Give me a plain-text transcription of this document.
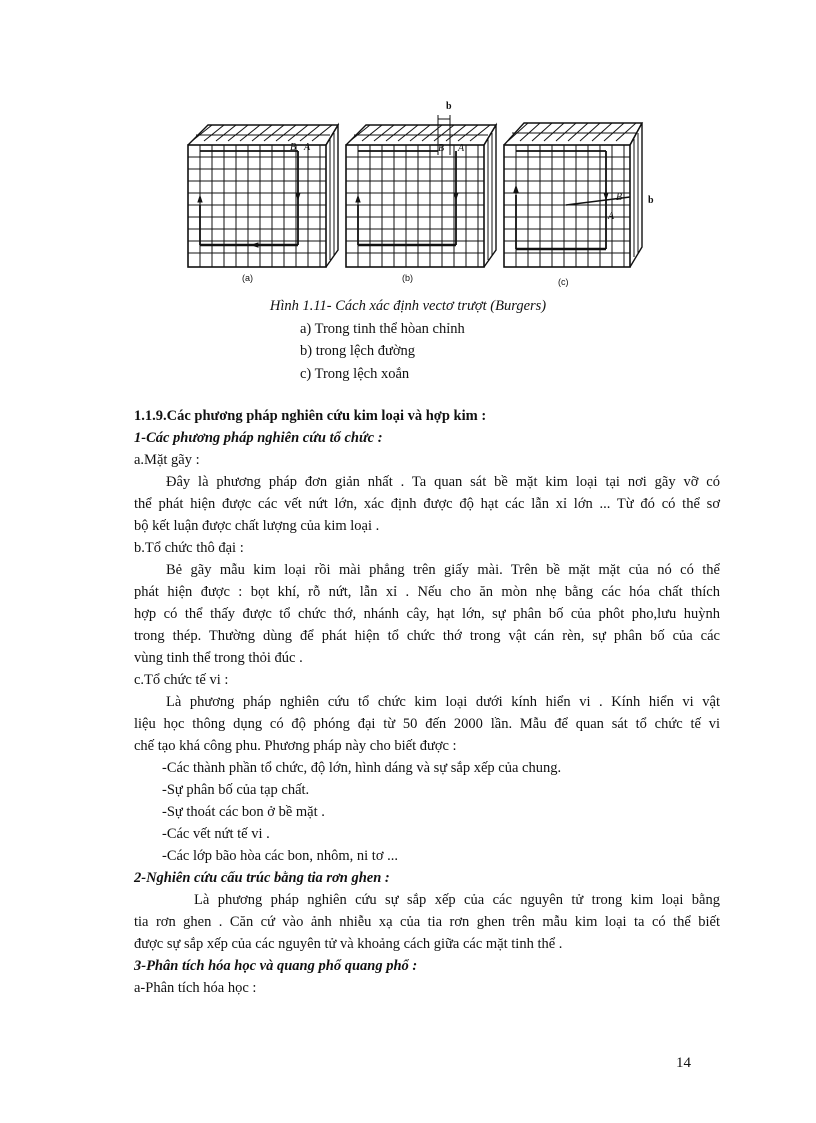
B A	B A
b
B
A
b
(a)	(b)	(c)
Hình 1.11- Cách xác định vectơ trượt (Burgers)
a) Trong tinh thể hòan chỉnh
b) trong lệch đường
c) Trong lệch xoắn
1.1.9.Các phương pháp nghiên cứu kim loại và hợp kim :
1-Các phương pháp nghiên cứu tổ chức :
a.Mặt gãy :
Đây là phương pháp đơn giản nhất . Ta quan sát bề mặt kim loại tại nơi gãy vỡ có
thể phát hiện được các vết nứt lớn, xác định được độ hạt các lẫn xỉ lớn ... Từ đó có thể sơ
bộ kết luận được chất lượng của kim loại .
b.Tổ chức thô đại :
Bẻ gãy mẫu kim loại rồi mài phẳng trên giấy mài. Trên bề mặt mặt của nó có thể
phát hiện được : bọt khí, rỗ nứt, lẫn xỉ . Nếu cho ăn mòn nhẹ bằng các hóa chất thích
hợp có thể thấy được tổ chức thớ, nhánh cây, hạt lớn, sự phân bố của phôt pho,lưu huỳnh
trong thép. Thường dùng để phát hiện tổ chức thớ trong vật cán rèn, sự phân bố của các
vùng tinh thể trong thỏi đúc .
c.Tổ chức tế vi :
Là phương pháp nghiên cứu tổ chức kim loại dưới kính hiển vi . Kính hiển vi vật
liệu học thông dụng có độ phóng đại từ 50 đến 2000 lần. Mẫu để quan sát tổ chức tế vi
chế tạo khá công phu. Phương pháp này cho biết được :
-Các thành phần tổ chức, độ lớn, hình dáng và sự sắp xếp của chung.
-Sự phân bố của tạp chất.
-Sự thoát các bon ở bề mặt .
-Các vết nứt tế vi .
-Các lớp bão hòa các bon, nhôm, ni tơ ...
2-Nghiên cứu cấu trúc bằng tia rơn ghen :
Là phương pháp nghiên cứu sự sắp xếp của các nguyên tử trong kim loại bằng
tia rơn ghen . Căn cứ vào ảnh nhiễu xạ của tia rơn ghen trên mẫu kim loại ta có thể biết
được sự sắp xếp của các nguyên tử và khoảng cách giữa các mặt tinh thể .
3-Phân tích hóa học và quang phổ quang phổ :
a-Phân tích hóa học :
14
